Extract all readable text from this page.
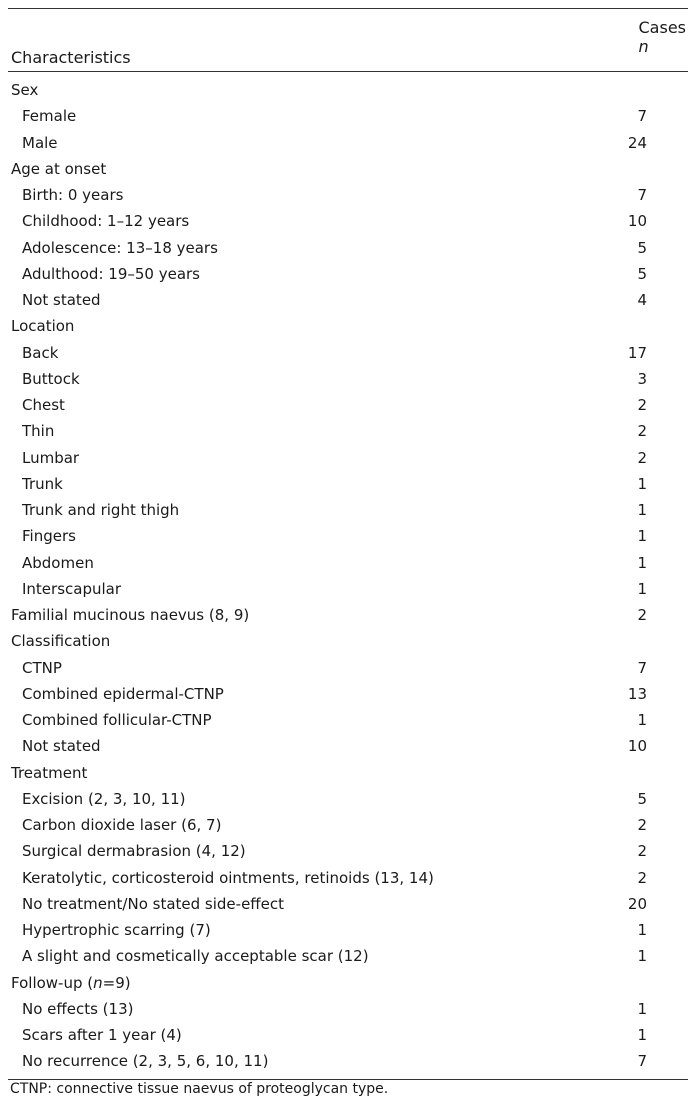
Characteristics
Cases
n
Sex
Female	7
Male	24
Age at onset
Birth: 0 years	7
Childhood: 1–12 years	10
Adolescence: 13–18 years	5
Adulthood: 19–50 years	5
Not stated	4
Location
Back	17
Buttock	3
Chest	2
Thin	2
Lumbar	2
Trunk	1
Trunk and right thigh	1
Fingers	1
Abdomen	1
Interscapular	1
Familial mucinous naevus (8, 9)	2
Classification
CTNP	7
Combined epidermal-CTNP	13
Combined follicular-CTNP	1
Not stated	10
Treatment
Excision (2, 3, 10, 11)	5
Carbon dioxide laser (6, 7)	2
Surgical dermabrasion (4, 12)	2
Keratolytic, corticosteroid ointments, retinoids (13, 14)	2
No treatment/No stated side-effect	20
Hypertrophic scarring (7)	1
A slight and cosmetically acceptable scar (12)	1
Follow-up (n=9)
No effects (13)	1
Scars after 1 year (4)	1
No recurrence (2, 3, 5, 6, 10, 11)	7
CTNP: connective tissue naevus of proteoglycan type.
